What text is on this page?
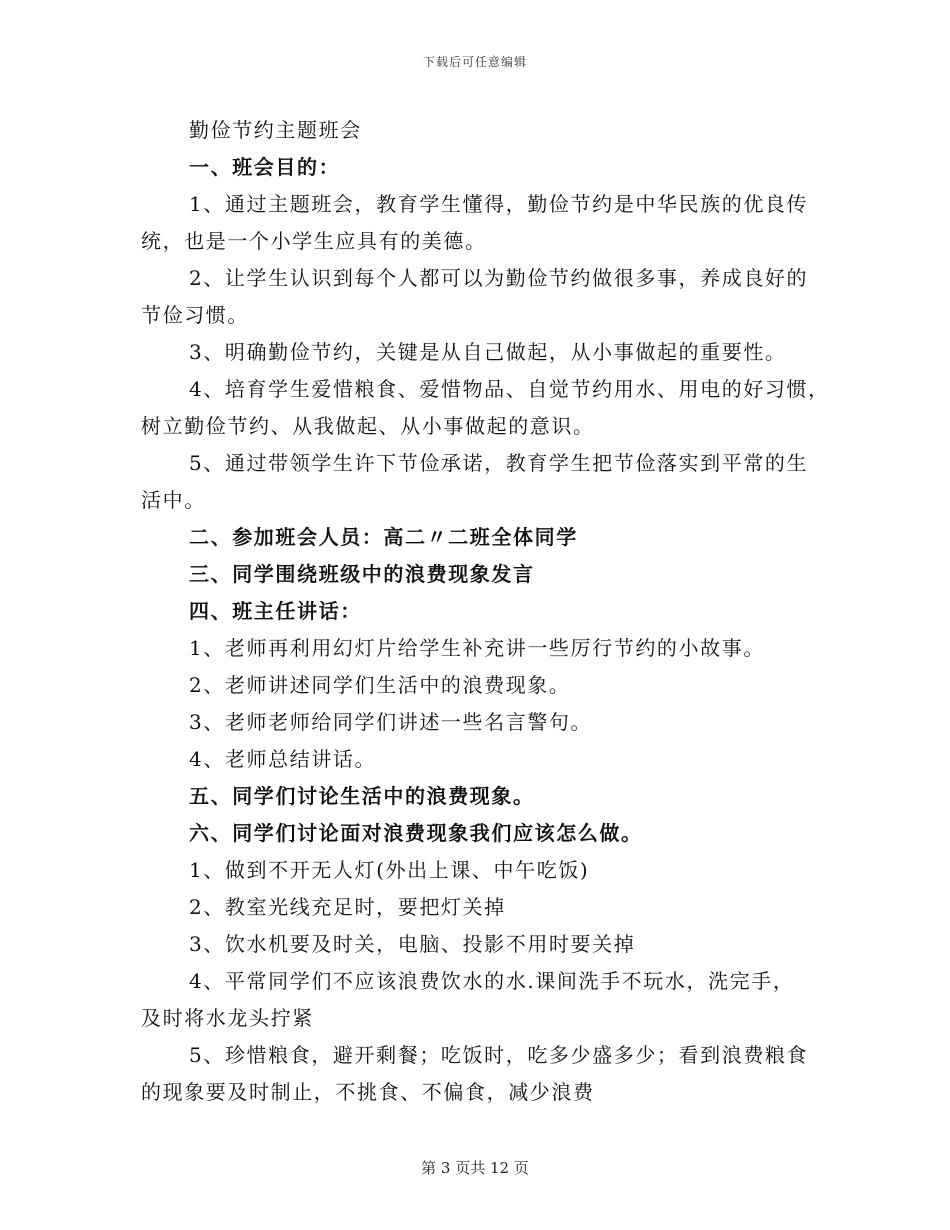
下载后可任意编辑

勤俭节约主题班会

一、班会目的：

1、通过主题班会，教育学生懂得，勤俭节约是中华民族的优良传

统，也是一个小学生应具有的美德。

2、让学生认识到每个人都可以为勤俭节约做很多事，养成良好的

节俭习惯。

3、明确勤俭节约，关键是从自己做起，从小事做起的重要性。

4、培育学生爱惜粮食、爱惜物品、自觉节约用水、用电的好习惯，

树立勤俭节约、从我做起、从小事做起的意识。

5、通过带领学生许下节俭承诺，教育学生把节俭落实到平常的生

活中。

二、参加班会人员：高二〃二班全体同学

三、同学围绕班级中的浪费现象发言

四、班主任讲话：

1、老师再利用幻灯片给学生补充讲一些厉行节约的小故事。

2、老师讲述同学们生活中的浪费现象。

3、老师老师给同学们讲述一些名言警句。

4、老师总结讲话。

五、同学们讨论生活中的浪费现象。

六、同学们讨论面对浪费现象我们应该怎么做。

1、做到不开无人灯(外出上课、中午吃饭)

2、教室光线充足时，要把灯关掉

3、饮水机要及时关，电脑、投影不用时要关掉

4、平常同学们不应该浪费饮水的水.课间洗手不玩水，洗完手，

及时将水龙头拧紧

5、珍惜粮食，避开剩餐；吃饭时，吃多少盛多少；看到浪费粮食

的现象要及时制止，不挑食、不偏食，减少浪费

第 3 页共 12 页
